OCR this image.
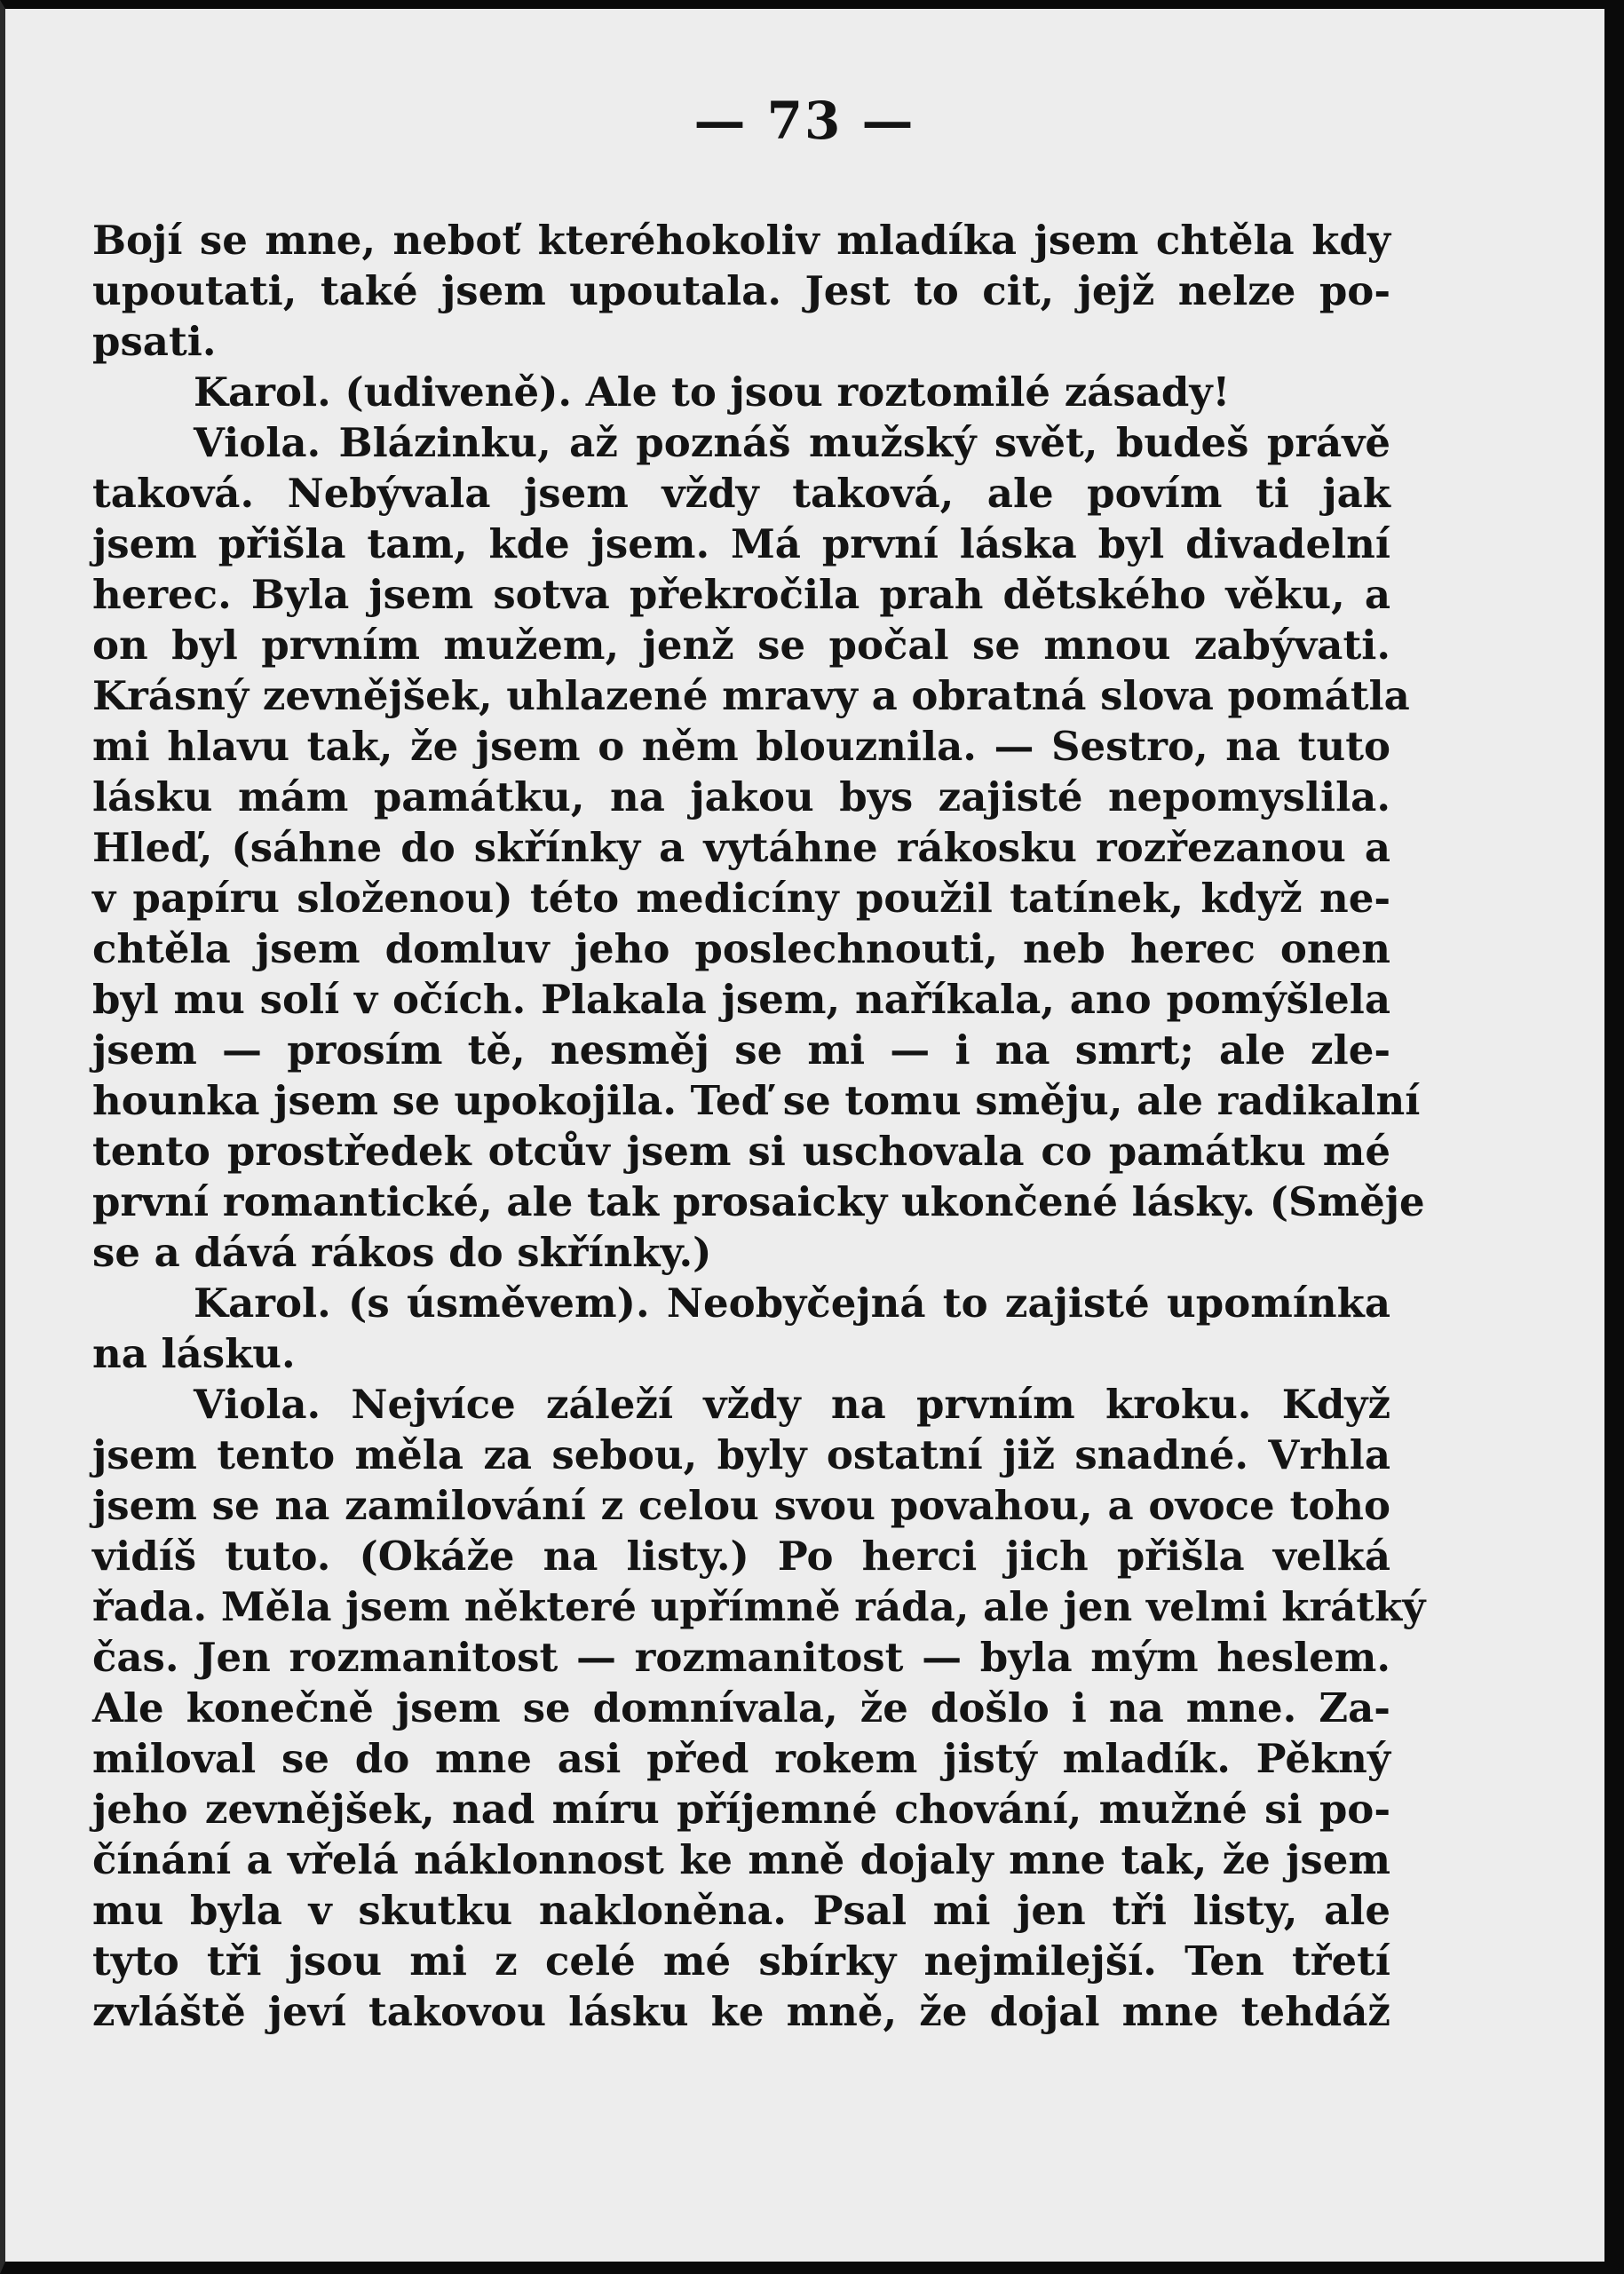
— 73 —
Bojí se mne, neboť kteréhokoliv mladíka jsem chtěla kdy
upoutati, také jsem upoutala. Jest to cit, jejž nelze po-
psati.
Karol. (udiveně). Ale to jsou roztomilé zásady!
Viola. Blázinku, až poznáš mužský svět, budeš právě
taková. Nebývala jsem vždy taková, ale povím ti jak
jsem přišla tam, kde jsem. Má první láska byl divadelní
herec. Byla jsem sotva překročila prah dětského věku, a
on byl prvním mužem, jenž se počal se mnou zabývati.
Krásný zevnějšek, uhlazené mravy a obratná slova pomátla
mi hlavu tak, že jsem o něm blouznila. — Sestro, na tuto
lásku mám památku, na jakou bys zajisté nepomyslila.
Hleď, (sáhne do skřínky a vytáhne rákosku rozřezanou a
v papíru složenou) této medicíny použil tatínek, když ne-
chtěla jsem domluv jeho poslechnouti, neb herec onen
byl mu solí v očích. Plakala jsem, naříkala, ano pomýšlela
jsem — prosím tě, nesměj se mi — i na smrt; ale zle-
hounka jsem se upokojila. Teď se tomu směju, ale radikalní
tento prostředek otcův jsem si uschovala co památku mé
první romantické, ale tak prosaicky ukončené lásky. (Směje
se a dává rákos do skřínky.)
Karol. (s úsměvem). Neobyčejná to zajisté upomínka
na lásku.
Viola. Nejvíce záleží vždy na prvním kroku. Když
jsem tento měla za sebou, byly ostatní již snadné. Vrhla
jsem se na zamilování z celou svou povahou, a ovoce toho
vidíš tuto. (Okáže na listy.) Po herci jich přišla velká
řada. Měla jsem některé upřímně ráda, ale jen velmi krátký
čas. Jen rozmanitost — rozmanitost — byla mým heslem.
Ale konečně jsem se domnívala, že došlo i na mne. Za-
miloval se do mne asi před rokem jistý mladík. Pěkný
jeho zevnějšek, nad míru příjemné chování, mužné si po-
čínání a vřelá náklonnost ke mně dojaly mne tak, že jsem
mu byla v skutku nakloněna. Psal mi jen tři listy, ale
tyto tři jsou mi z celé mé sbírky nejmilejší. Ten třetí
zvláště jeví takovou lásku ke mně, že dojal mne tehdáž
